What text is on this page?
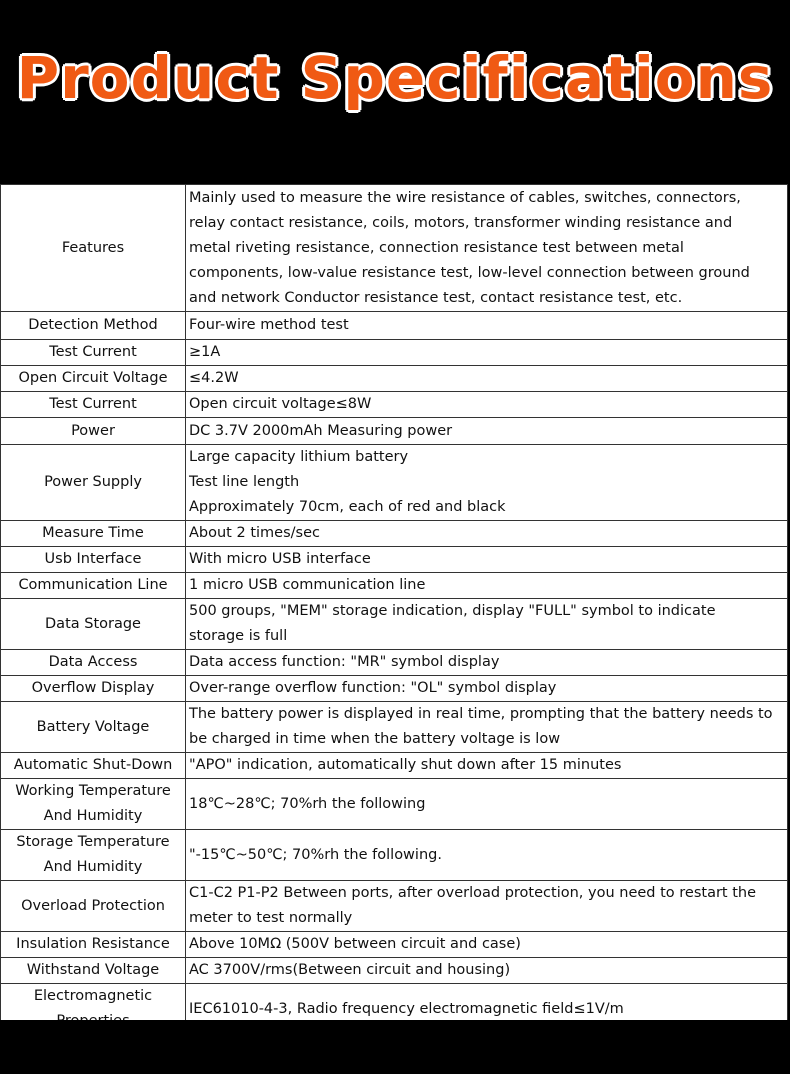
Product Specifications
Features	Mainly used to measure the wire resistance of cables, switches, connectors,
relay contact resistance, coils, motors, transformer winding resistance and
metal riveting resistance, connection resistance test between metal
components, low-value resistance test, low-level connection between ground
and network Conductor resistance test, contact resistance test, etc.

Detection Method	Four-wire method test

Test Current	≥1A

Open Circuit Voltage	≤4.2W

Test Current	Open circuit voltage≤8W

Power	DC 3.7V 2000mAh Measuring power

Power Supply	Large capacity lithium battery
Test line length
Approximately 70cm, each of red and black

Measure Time	About 2 times/sec

Usb Interface	With micro USB interface

Communication Line	1 micro USB communication line

Data Storage	500 groups, "MEM" storage indication, display "FULL" symbol to indicate
storage is full

Data Access	Data access function: "MR" symbol display

Overflow Display	Over-range overflow function: "OL" symbol display

Battery Voltage	The battery power is displayed in real time, prompting that the battery needs to
be charged in time when the battery voltage is low

Automatic Shut-Down	"APO" indication, automatically shut down after 15 minutes

Working Temperature
And Humidity	18℃~28℃; 70%rh the following

Storage Temperature
And Humidity	"-15℃~50℃; 70%rh the following.

Overload Protection	C1-C2 P1-P2 Between ports, after overload protection, you need to restart the
meter to test normally

Insulation Resistance	Above 10MΩ (500V between circuit and case)

Withstand Voltage	AC 3700V/rms(Between circuit and housing)

Electromagnetic	IEC61010-4-3, Radio frequency electromagnetic field≤1V/m
